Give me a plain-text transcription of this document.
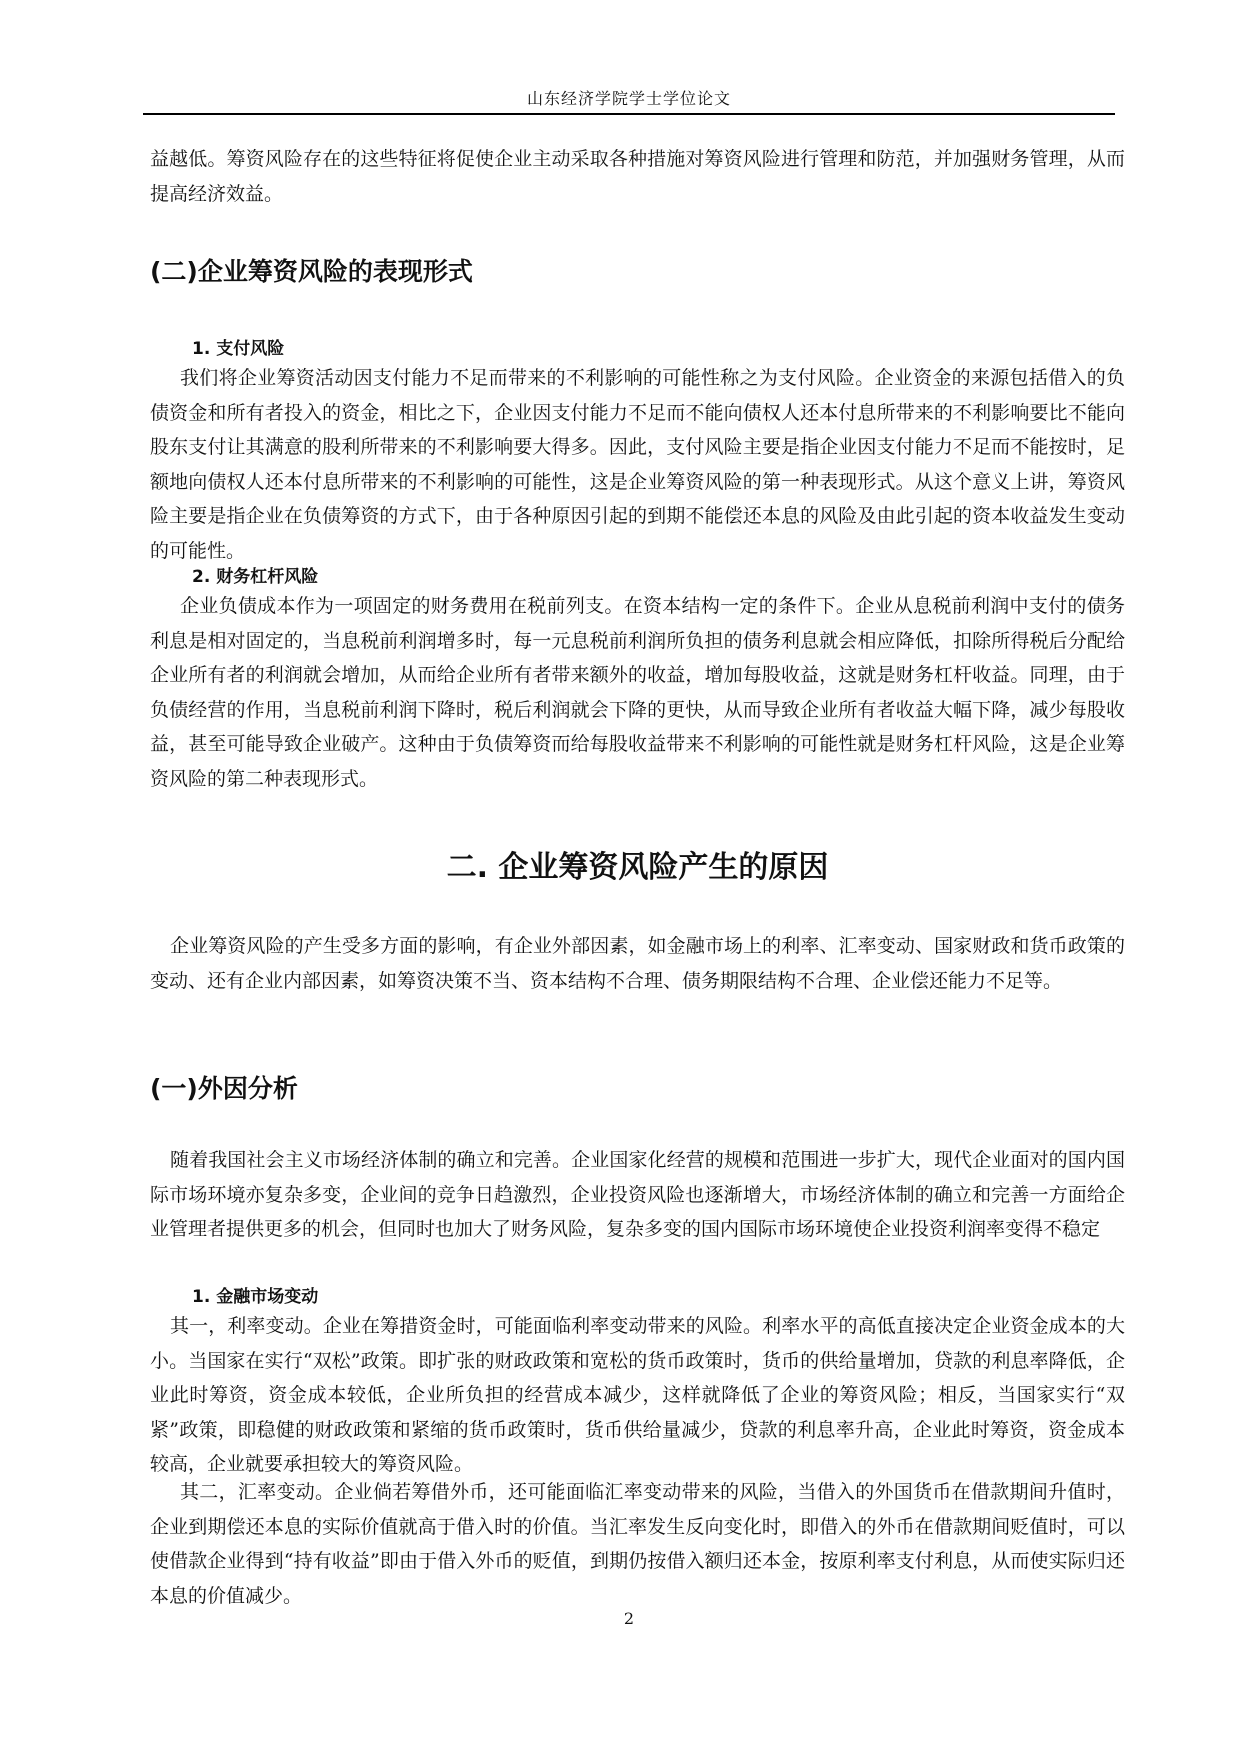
山东经济学院学士学位论文

益越低。筹资风险存在的这些特征将促使企业主动采取各种措施对筹资风险进行管理和防范，并加强财务管理，从而提高经济效益。

(二)企业筹资风险的表现形式
1. 支付风险

我们将企业筹资活动因支付能力不足而带来的不利影响的可能性称之为支付风险。企业资金的来源包括借入的负债资金和所有者投入的资金，相比之下，企业因支付能力不足而不能向债权人还本付息所带来的不利影响要比不能向股东支付让其满意的股利所带来的不利影响要大得多。因此，支付风险主要是指企业因支付能力不足而不能按时，足额地向债权人还本付息所带来的不利影响的可能性，这是企业筹资风险的第一种表现形式。从这个意义上讲，筹资风险主要是指企业在负债筹资的方式下，由于各种原因引起的到期不能偿还本息的风险及由此引起的资本收益发生变动的可能性。

2. 财务杠杆风险

企业负债成本作为一项固定的财务费用在税前列支。在资本结构一定的条件下。企业从息税前利润中支付的债务利息是相对固定的，当息税前利润增多时，每一元息税前利润所负担的债务利息就会相应降低，扣除所得税后分配给企业所有者的利润就会增加，从而给企业所有者带来额外的收益，增加每股收益，这就是财务杠杆收益。同理，由于负债经营的作用，当息税前利润下降时，税后利润就会下降的更快，从而导致企业所有者收益大幅下降，减少每股收益，甚至可能导致企业破产。这种由于负债筹资而给每股收益带来不利影响的可能性就是财务杠杆风险，这是企业筹资风险的第二种表现形式。

二. 企业筹资风险产生的原因

企业筹资风险的产生受多方面的影响，有企业外部因素，如金融市场上的利率、汇率变动、国家财政和货币政策的变动、还有企业内部因素，如筹资决策不当、资本结构不合理、债务期限结构不合理、企业偿还能力不足等。

(一)外因分析

随着我国社会主义市场经济体制的确立和完善。企业国家化经营的规模和范围进一步扩大，现代企业面对的国内国际市场环境亦复杂多变，企业间的竞争日趋激烈，企业投资风险也逐渐增大，市场经济体制的确立和完善一方面给企业管理者提供更多的机会，但同时也加大了财务风险，复杂多变的国内国际市场环境使企业投资利润率变得不稳定

1. 金融市场变动

其一，利率变动。企业在筹措资金时，可能面临利率变动带来的风险。利率水平的高低直接决定企业资金成本的大小。当国家在实行“双松”政策。即扩张的财政政策和宽松的货币政策时，货币的供给量增加，贷款的利息率降低，企业此时筹资，资金成本较低，企业所负担的经营成本减少，这样就降低了企业的筹资风险；相反，当国家实行“双紧”政策，即稳健的财政政策和紧缩的货币政策时，货币供给量减少，贷款的利息率升高，企业此时筹资，资金成本较高，企业就要承担较大的筹资风险。

其二，汇率变动。企业倘若筹借外币，还可能面临汇率变动带来的风险，当借入的外国货币在借款期间升值时，企业到期偿还本息的实际价值就高于借入时的价值。当汇率发生反向变化时，即借入的外币在借款期间贬值时，可以使借款企业得到“持有收益”即由于借入外币的贬值，到期仍按借入额归还本金，按原利率支付利息，从而使实际归还本息的价值减少。

2
